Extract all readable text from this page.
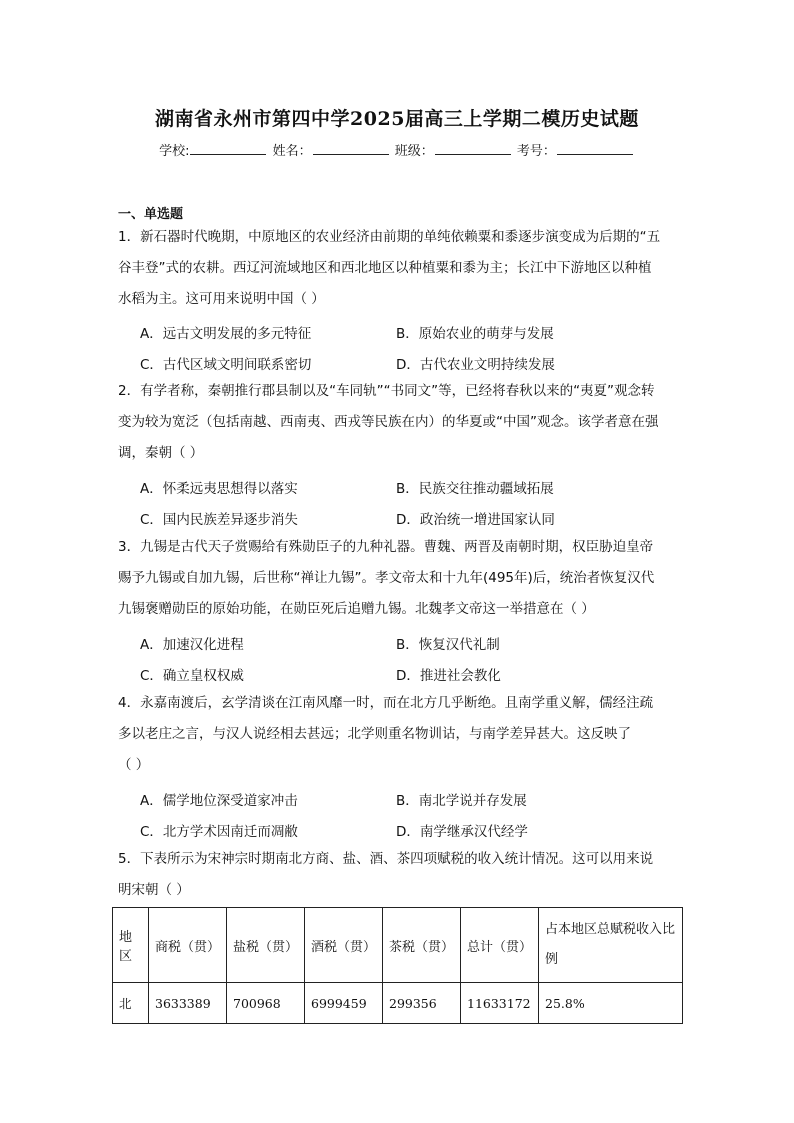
湖南省永州市第四中学2025届高三上学期二模历史试题
学校:	姓名：	班级：	考号：
一、单选题
1．新石器时代晚期，中原地区的农业经济由前期的单纯依赖粟和黍逐步演变成为后期的“五
谷丰登”式的农耕。西辽河流域地区和西北地区以种植粟和黍为主；长江中下游地区以种植
水稻为主。这可用来说明中国（ ）
A．远古文明发展的多元特征	B．原始农业的萌芽与发展
C．古代区域文明间联系密切	D．古代农业文明持续发展
2．有学者称，秦朝推行郡县制以及“车同轨”“书同文”等，已经将春秋以来的“夷夏”观念转
变为较为宽泛（包括南越、西南夷、西戎等民族在内）的华夏或“中国”观念。该学者意在强
调，秦朝（ ）
A．怀柔远夷思想得以落实	B．民族交往推动疆域拓展
C．国内民族差异逐步消失	D．政治统一增进国家认同
3．九锡是古代天子赏赐给有殊勋臣子的九种礼器。曹魏、两晋及南朝时期，权臣胁迫皇帝
赐予九锡或自加九锡，后世称“禅让九锡”。孝文帝太和十九年(495年)后，统治者恢复汉代
九锡褒赠勋臣的原始功能，在勋臣死后追赠九锡。北魏孝文帝这一举措意在（ ）
A．加速汉化进程	B．恢复汉代礼制
C．确立皇权权威	D．推进社会教化
4．永嘉南渡后，玄学清谈在江南风靡一时，而在北方几乎断绝。且南学重义解，儒经注疏
多以老庄之言，与汉人说经相去甚远；北学则重名物训诂，与南学差异甚大。这反映了
（ ）
A．儒学地位深受道家冲击	B．南北学说并存发展
C．北方学术因南迁而凋敝	D．南学继承汉代经学
5．下表所示为宋神宗时期南北方商、盐、酒、茶四项赋税的收入统计情况。这可以用来说
明宋朝（ ）
地区	商税（贯）	盐税（贯）	酒税（贯）	茶税（贯）	总计（贯）	占本地区总赋税收入比例
北	3633389	700968	6999459	299356	11633172	25.8%
